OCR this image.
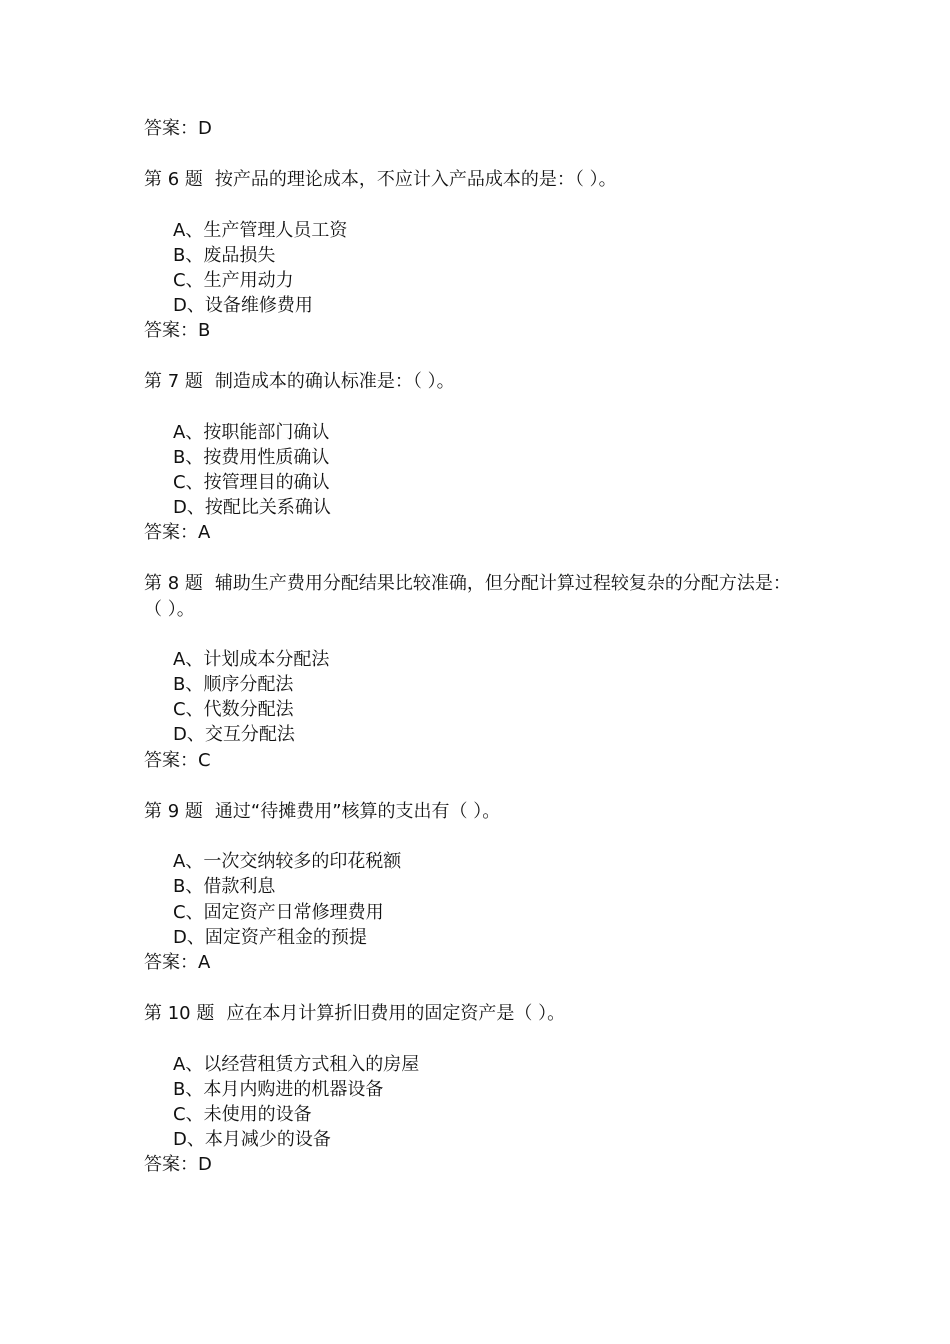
答案：D
第 6 题 按产品的理论成本，不应计入产品成本的是：（ ）。
A、生产管理人员工资
B、废品损失
C、生产用动力
D、设备维修费用
答案：B
第 7 题 制造成本的确认标准是：（ ）。
A、按职能部门确认
B、按费用性质确认
C、按管理目的确认
D、按配比关系确认
答案：A
第 8 题 辅助生产费用分配结果比较准确，但分配计算过程较复杂的分配方法是：
（ ）。
A、计划成本分配法
B、顺序分配法
C、代数分配法
D、交互分配法
答案：C
第 9 题 通过“待摊费用”核算的支出有（ ）。
A、一次交纳较多的印花税额
B、借款利息
C、固定资产日常修理费用
D、固定资产租金的预提
答案：A
第 10 题 应在本月计算折旧费用的固定资产是（ ）。
A、以经营租赁方式租入的房屋
B、本月内购进的机器设备
C、未使用的设备
D、本月减少的设备
答案：D
